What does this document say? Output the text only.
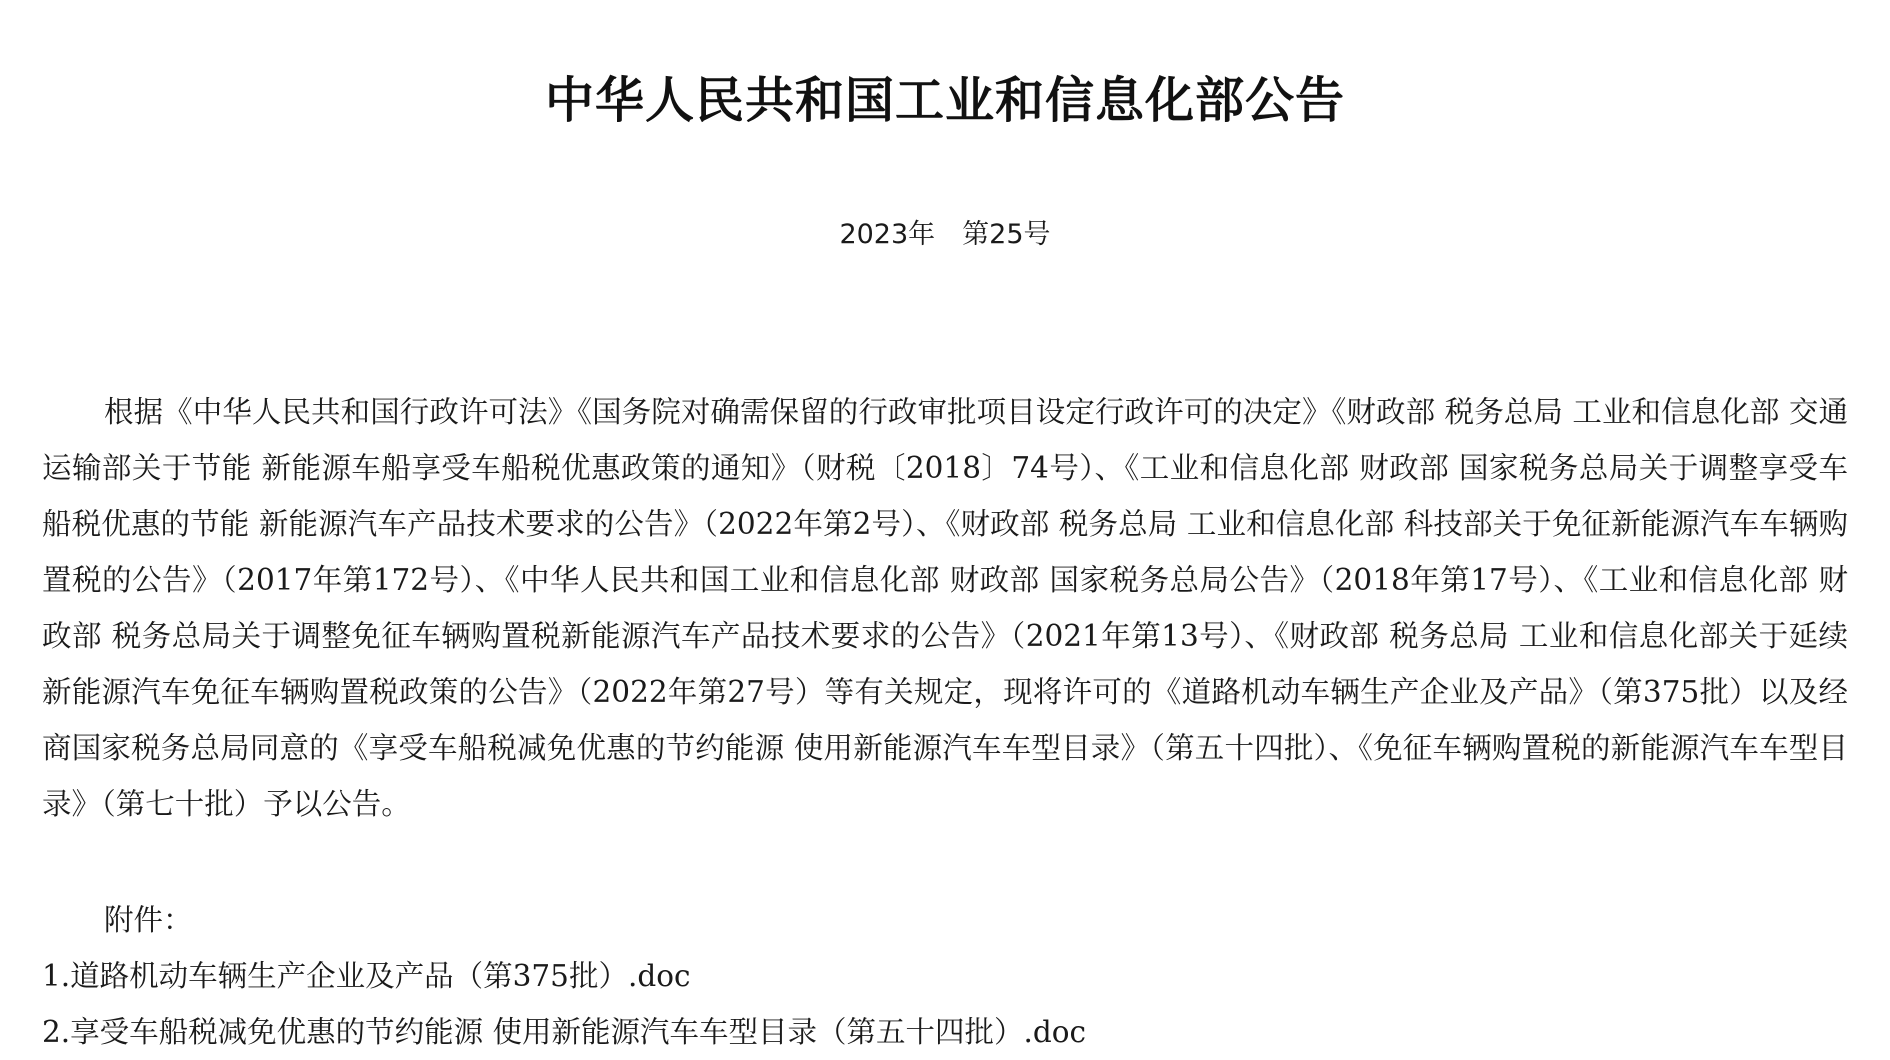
中华人民共和国工业和信息化部公告
2023年　第25号

根据《中华人民共和国行政许可法》《国务院对确需保留的行政审批项目设定行政许可的决定》《财政部 税务总局 工业和信息化部 交通运输部关于节能 新能源车船享受车船税优惠政策的通知》（财税〔2018〕74号）、《工业和信息化部 财政部 国家税务总局关于调整享受车船税优惠的节能 新能源汽车产品技术要求的公告》（2022年第2号）、《财政部 税务总局 工业和信息化部 科技部关于免征新能源汽车车辆购置税的公告》（2017年第172号）、《中华人民共和国工业和信息化部 财政部 国家税务总局公告》（2018年第17号）、《工业和信息化部 财政部 税务总局关于调整免征车辆购置税新能源汽车产品技术要求的公告》（2021年第13号）、《财政部 税务总局 工业和信息化部关于延续新能源汽车免征车辆购置税政策的公告》（2022年第27号）等有关规定，现将许可的《道路机动车辆生产企业及产品》（第375批）以及经商国家税务总局同意的《享受车船税减免优惠的节约能源 使用新能源汽车车型目录》（第五十四批）、《免征车辆购置税的新能源汽车车型目录》（第七十批）予以公告。

附件：
1.道路机动车辆生产企业及产品（第375批）.doc
2.享受车船税减免优惠的节约能源 使用新能源汽车车型目录（第五十四批）.doc
